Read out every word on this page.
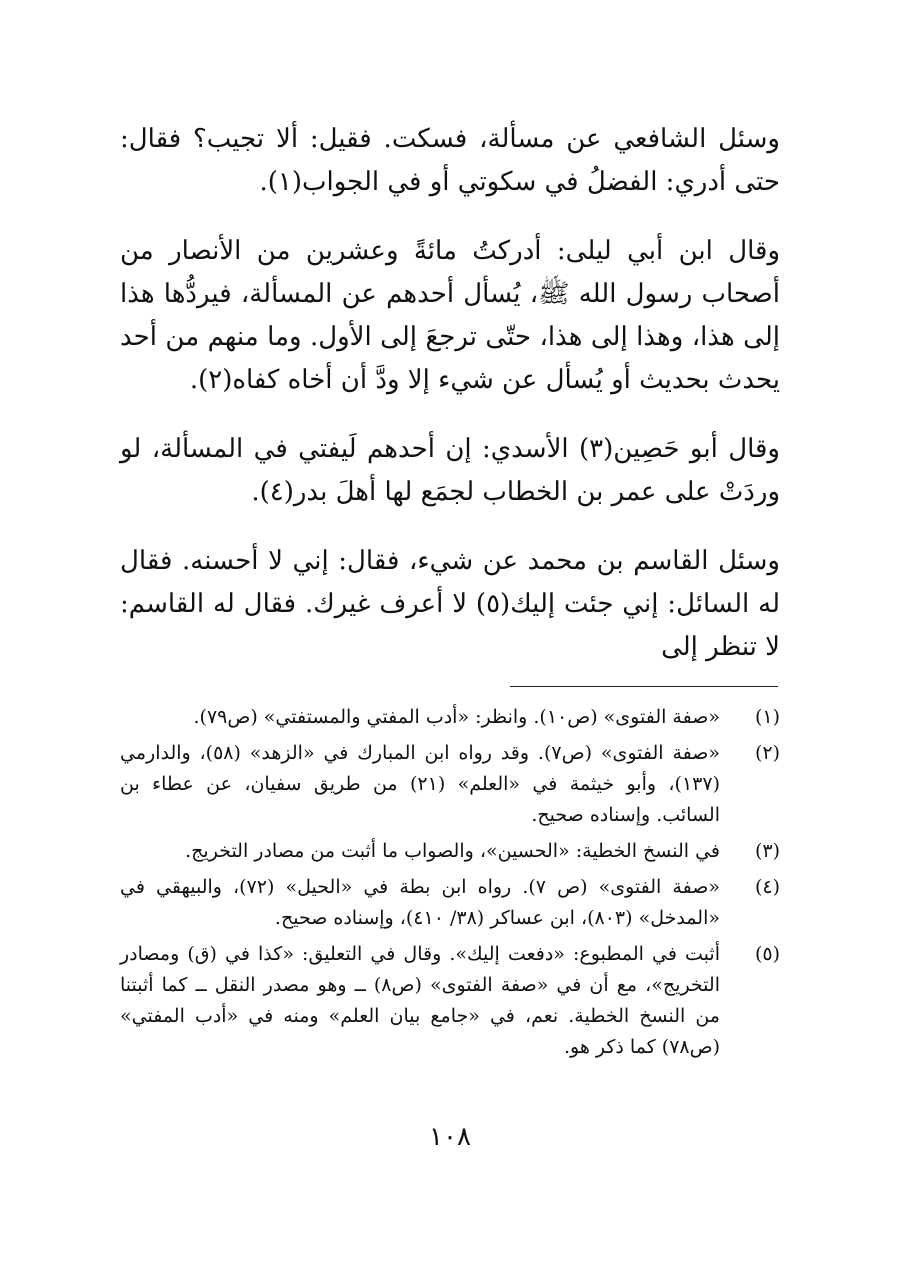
وسئل الشافعي عن مسألة، فسكت. فقيل: ألا تجيب؟ فقال: حتى أدري: الفضلُ في سكوتي أو في الجواب(١).

وقال ابن أبي ليلى: أدركتُ مائةً وعشرين من الأنصار من أصحاب رسول الله ﷺ، يُسأل أحدهم عن المسألة، فيردُّها هذا إلى هذا، وهذا إلى هذا، حتّى ترجعَ إلى الأول. وما منهم من أحد يحدث بحديث أو يُسأل عن شيء إلا ودَّ أن أخاه كفاه(٢).

وقال أبو حَصِين(٣) الأسدي: إن أحدهم لَيفتي في المسألة، لو وردَتْ على عمر بن الخطاب لجمَع لها أهلَ بدر(٤).

وسئل القاسم بن محمد عن شيء، فقال: إني لا أحسنه. فقال له السائل: إني جئت إليك(٥) لا أعرف غيرك. فقال له القاسم: لا تنظر إلى

(١)
«صفة الفتوى» (ص١٠). وانظر: «أدب المفتي والمستفتي» (ص٧٩).
(٢)
«صفة الفتوى» (ص٧). وقد رواه ابن المبارك في «الزهد» (٥٨)، والدارمي (١٣٧)، وأبو خيثمة في «العلم» (٢١) من طريق سفيان، عن عطاء بن السائب. وإسناده صحيح.
(٣)
في النسخ الخطية: «الحسين»، والصواب ما أثبت من مصادر التخريج.
(٤)
«صفة الفتوى» (ص ٧). رواه ابن بطة في «الحيل» (٧٢)، والبيهقي في «المدخل» (٨٠٣)، ابن عساكر (٣٨/ ٤١٠)، وإسناده صحيح.
(٥)
أثبت في المطبوع: «دفعت إليك». وقال في التعليق: «كذا في (ق) ومصادر التخريج»، مع أن في «صفة الفتوى» (ص٨) ــ وهو مصدر النقل ــ كما أثبتنا من النسخ الخطية. نعم، في «جامع بيان العلم» ومنه في «أدب المفتي» (ص٧٨) كما ذكر هو.
١٠٨
